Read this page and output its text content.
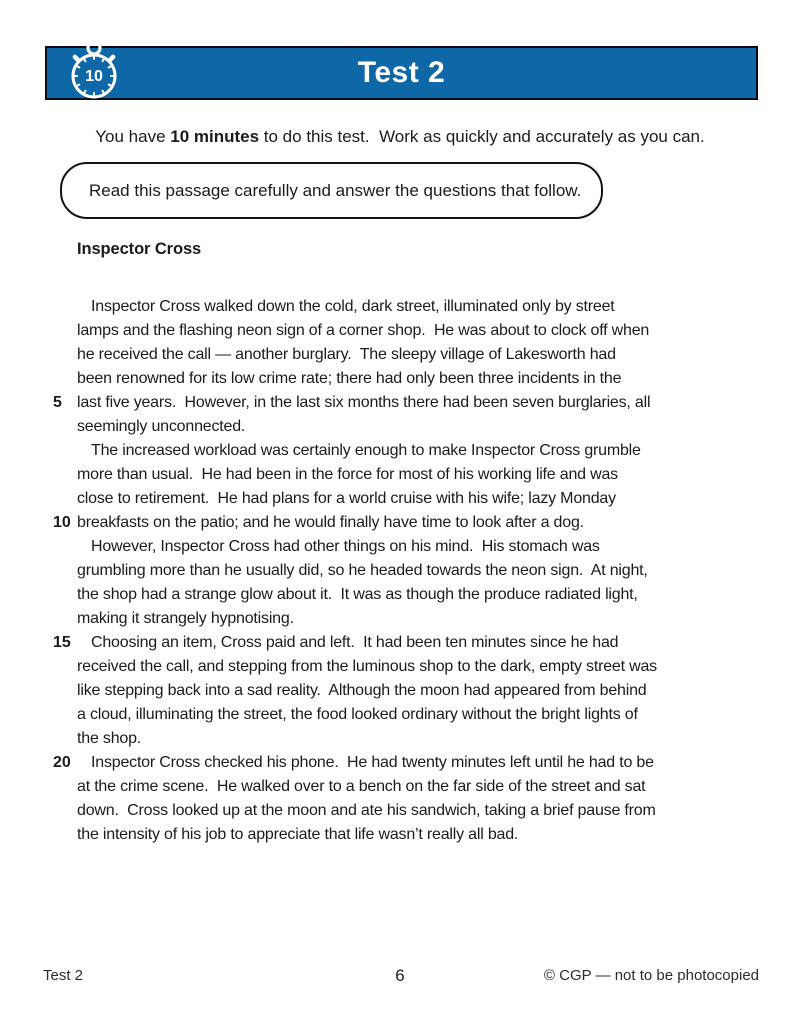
Test 2
10
You have 10 minutes to do this test.  Work as quickly and accurately as you can.
Read this passage carefully and answer the questions that follow.
Inspector Cross
Inspector Cross walked down the cold, dark street, illuminated only by street
lamps and the flashing neon sign of a corner shop.  He was about to clock off when
he received the call — another burglary.  The sleepy village of Lakesworth had
been renowned for its low crime rate; there had only been three incidents in the
5 last five years.  However, in the last six months there had been seven burglaries, all
seemingly unconnected.
The increased workload was certainly enough to make Inspector Cross grumble
more than usual.  He had been in the force for most of his working life and was
close to retirement.  He had plans for a world cruise with his wife; lazy Monday
10 breakfasts on the patio; and he would finally have time to look after a dog.
However, Inspector Cross had other things on his mind.  His stomach was
grumbling more than he usually did, so he headed towards the neon sign.  At night,
the shop had a strange glow about it.  It was as though the produce radiated light,
making it strangely hypnotising.
15	Choosing an item, Cross paid and left.  It had been ten minutes since he had
received the call, and stepping from the luminous shop to the dark, empty street was
like stepping back into a sad reality.  Although the moon had appeared from behind
a cloud, illuminating the street, the food looked ordinary without the bright lights of
the shop.
20	Inspector Cross checked his phone.  He had twenty minutes left until he had to be
at the crime scene.  He walked over to a bench on the far side of the street and sat
down.  Cross looked up at the moon and ate his sandwich, taking a brief pause from
the intensity of his job to appreciate that life wasn’t really all bad.
Test 2	6	© CGP — not to be photocopied
